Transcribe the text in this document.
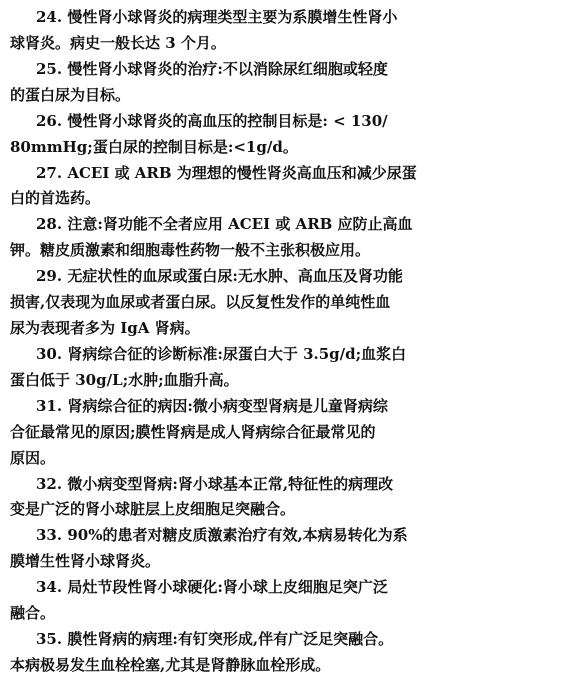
24. 慢性肾小球肾炎的病理类型主要为系膜增生性肾小

球肾炎。病史一般长达 3 个月。

25. 慢性肾小球肾炎的治疗:不以消除尿红细胞或轻度

的蛋白尿为目标。

26. 慢性肾小球肾炎的高血压的控制目标是: < 130/

80mmHg;蛋白尿的控制目标是:<1g/d。

27. ACEI 或 ARB 为理想的慢性肾炎高血压和减少尿蛋

白的首选药。

28. 注意:肾功能不全者应用 ACEI 或 ARB 应防止高血

钾。糖皮质激素和细胞毒性药物一般不主张积极应用。

29. 无症状性的血尿或蛋白尿:无水肿、高血压及肾功能

损害,仅表现为血尿或者蛋白尿。以反复性发作的单纯性血

尿为表现者多为 IgA 肾病。

30. 肾病综合征的诊断标准:尿蛋白大于 3.5g/d;血浆白

蛋白低于 30g/L;水肿;血脂升高。

31. 肾病综合征的病因:微小病变型肾病是儿童肾病综

合征最常见的原因;膜性肾病是成人肾病综合征最常见的

原因。

32. 微小病变型肾病:肾小球基本正常,特征性的病理改

变是广泛的肾小球脏层上皮细胞足突融合。

33. 90%的患者对糖皮质激素治疗有效,本病易转化为系

膜增生性肾小球肾炎。

34. 局灶节段性肾小球硬化:肾小球上皮细胞足突广泛

融合。

35. 膜性肾病的病理:有钉突形成,伴有广泛足突融合。

本病极易发生血栓栓塞,尤其是肾静脉血栓形成。
